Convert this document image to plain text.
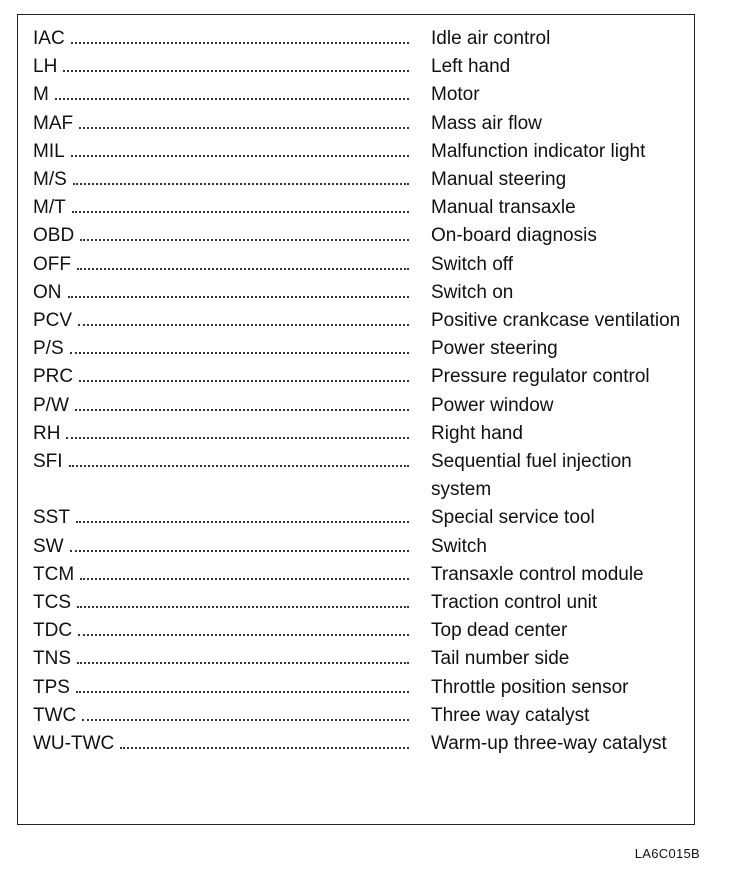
IAC	Idle air control
LH	Left hand
M	Motor
MAF	Mass air flow
MIL	Malfunction indicator light
M/S	Manual steering
M/T	Manual transaxle
OBD	On-board diagnosis
OFF	Switch off
ON	Switch on
PCV	Positive crankcase ventilation
P/S	Power steering
PRC	Pressure regulator control
P/W	Power window
RH	Right hand
SFI	Sequential fuel injection system
SST	Special service tool
SW	Switch
TCM	Transaxle control module
TCS	Traction control unit
TDC	Top dead center
TNS	Tail number side
TPS	Throttle position sensor
TWC	Three way catalyst
WU-TWC	Warm-up three-way catalyst
LA6C015B
